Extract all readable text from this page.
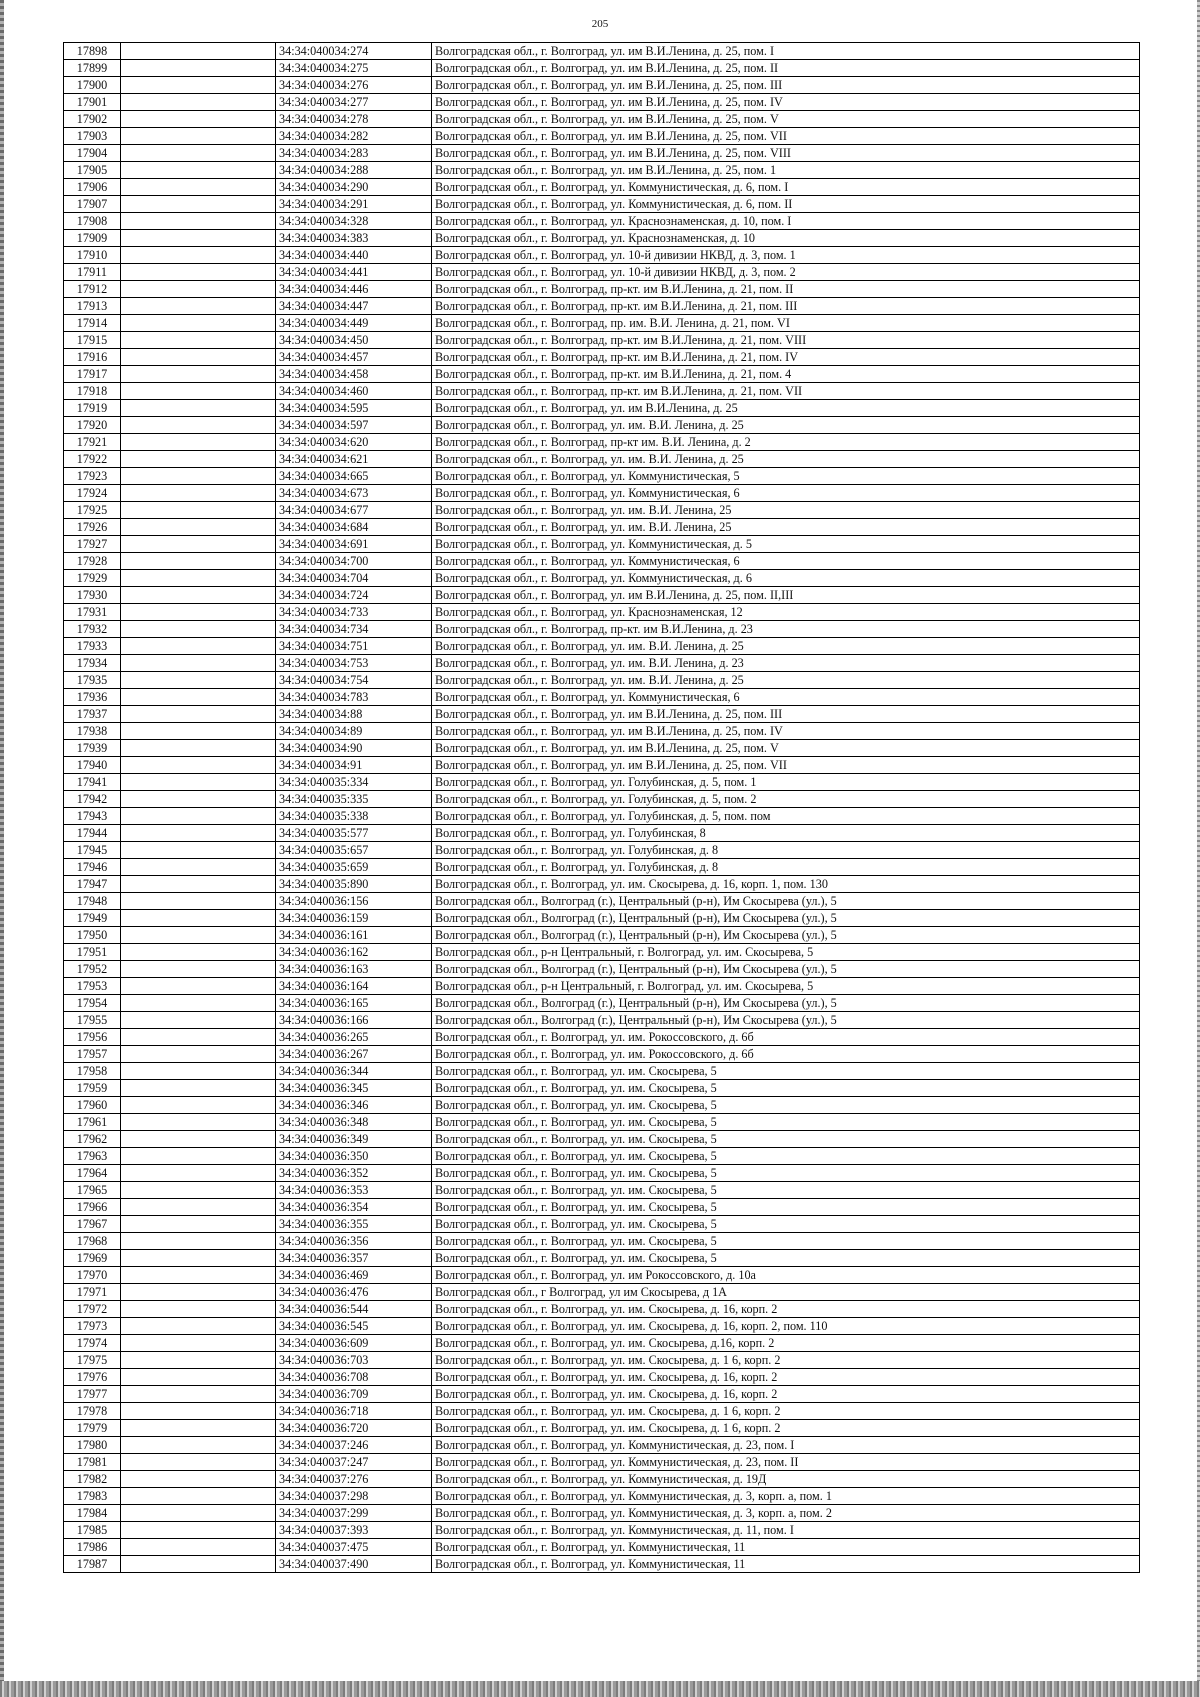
205
17898		34:34:040034:274	Волгоградская обл., г. Волгоград, ул. им В.И.Ленина, д. 25, пом. I
17899		34:34:040034:275	Волгоградская обл., г. Волгоград, ул. им В.И.Ленина, д. 25, пом. II
17900		34:34:040034:276	Волгоградская обл., г. Волгоград, ул. им В.И.Ленина, д. 25, пом. III
17901		34:34:040034:277	Волгоградская обл., г. Волгоград, ул. им В.И.Ленина, д. 25, пом. IV
17902		34:34:040034:278	Волгоградская обл., г. Волгоград, ул. им В.И.Ленина, д. 25, пом. V
17903		34:34:040034:282	Волгоградская обл., г. Волгоград, ул. им В.И.Ленина, д. 25, пом. VII
17904		34:34:040034:283	Волгоградская обл., г. Волгоград, ул. им В.И.Ленина, д. 25, пом. VIII
17905		34:34:040034:288	Волгоградская обл., г. Волгоград, ул. им В.И.Ленина, д. 25, пом. 1
17906		34:34:040034:290	Волгоградская обл., г. Волгоград, ул. Коммунистическая, д. 6, пом. I
17907		34:34:040034:291	Волгоградская обл., г. Волгоград, ул. Коммунистическая, д. 6, пом. II
17908		34:34:040034:328	Волгоградская обл., г. Волгоград, ул. Краснознаменская, д. 10, пом. I
17909		34:34:040034:383	Волгоградская обл., г. Волгоград, ул. Краснознаменская, д. 10
17910		34:34:040034:440	Волгоградская обл., г. Волгоград, ул. 10-й дивизии НКВД, д. 3, пом. 1
17911		34:34:040034:441	Волгоградская обл., г. Волгоград, ул. 10-й дивизии НКВД, д. 3, пом. 2
17912		34:34:040034:446	Волгоградская обл., г. Волгоград, пр-кт. им В.И.Ленина, д. 21, пом. II
17913		34:34:040034:447	Волгоградская обл., г. Волгоград, пр-кт. им В.И.Ленина, д. 21, пом. III
17914		34:34:040034:449	Волгоградская обл., г. Волгоград, пр. им. В.И. Ленина, д. 21, пом. VI
17915		34:34:040034:450	Волгоградская обл., г. Волгоград, пр-кт. им В.И.Ленина, д. 21, пом. VIII
17916		34:34:040034:457	Волгоградская обл., г. Волгоград, пр-кт. им В.И.Ленина, д. 21, пом. IV
17917		34:34:040034:458	Волгоградская обл., г. Волгоград, пр-кт. им В.И.Ленина, д. 21, пом. 4
17918		34:34:040034:460	Волгоградская обл., г. Волгоград, пр-кт. им В.И.Ленина, д. 21, пом. VII
17919		34:34:040034:595	Волгоградская обл., г. Волгоград, ул. им В.И.Ленина, д. 25
17920		34:34:040034:597	Волгоградская обл., г. Волгоград, ул. им. В.И. Ленина, д. 25
17921		34:34:040034:620	Волгоградская обл., г. Волгоград, пр-кт им. В.И. Ленина, д. 2
17922		34:34:040034:621	Волгоградская обл., г. Волгоград, ул. им. В.И. Ленина, д. 25
17923		34:34:040034:665	Волгоградская обл., г. Волгоград, ул. Коммунистическая, 5
17924		34:34:040034:673	Волгоградская обл., г. Волгоград, ул. Коммунистическая, 6
17925		34:34:040034:677	Волгоградская обл., г. Волгоград, ул. им. В.И. Ленина, 25
17926		34:34:040034:684	Волгоградская обл., г. Волгоград, ул. им. В.И. Ленина, 25
17927		34:34:040034:691	Волгоградская обл., г. Волгоград, ул. Коммунистическая, д. 5
17928		34:34:040034:700	Волгоградская обл., г. Волгоград, ул. Коммунистическая, 6
17929		34:34:040034:704	Волгоградская обл., г. Волгоград, ул. Коммунистическая, д. 6
17930		34:34:040034:724	Волгоградская обл., г. Волгоград, ул. им В.И.Ленина, д. 25, пом. II,III
17931		34:34:040034:733	Волгоградская обл., г. Волгоград, ул. Краснознаменская, 12
17932		34:34:040034:734	Волгоградская обл., г. Волгоград, пр-кт. им В.И.Ленина, д. 23
17933		34:34:040034:751	Волгоградская обл., г. Волгоград, ул. им. В.И. Ленина, д. 25
17934		34:34:040034:753	Волгоградская обл., г. Волгоград, ул. им. В.И. Ленина, д. 23
17935		34:34:040034:754	Волгоградская обл., г. Волгоград, ул. им. В.И. Ленина, д. 25
17936		34:34:040034:783	Волгоградская обл., г. Волгоград, ул. Коммунистическая, 6
17937		34:34:040034:88	Волгоградская обл., г. Волгоград, ул. им В.И.Ленина, д. 25, пом. III
17938		34:34:040034:89	Волгоградская обл., г. Волгоград, ул. им В.И.Ленина, д. 25, пом. IV
17939		34:34:040034:90	Волгоградская обл., г. Волгоград, ул. им В.И.Ленина, д. 25, пом. V
17940		34:34:040034:91	Волгоградская обл., г. Волгоград, ул. им В.И.Ленина, д. 25, пом. VII
17941		34:34:040035:334	Волгоградская обл., г. Волгоград, ул. Голубинская, д. 5, пом. 1
17942		34:34:040035:335	Волгоградская обл., г. Волгоград, ул. Голубинская, д. 5, пом. 2
17943		34:34:040035:338	Волгоградская обл., г. Волгоград, ул. Голубинская, д. 5, пом. пом
17944		34:34:040035:577	Волгоградская обл., г. Волгоград, ул. Голубинская, 8
17945		34:34:040035:657	Волгоградская обл., г. Волгоград, ул. Голубинская, д. 8
17946		34:34:040035:659	Волгоградская обл., г. Волгоград, ул. Голубинская, д. 8
17947		34:34:040035:890	Волгоградская обл., г. Волгоград, ул. им. Скосырева, д. 16, корп. 1, пом. 130
17948		34:34:040036:156	Волгоградская обл., Волгоград (г.), Центральный (р-н), Им Скосырева (ул.), 5
17949		34:34:040036:159	Волгоградская обл., Волгоград (г.), Центральный (р-н), Им Скосырева (ул.), 5
17950		34:34:040036:161	Волгоградская обл., Волгоград (г.), Центральный (р-н), Им Скосырева (ул.), 5
17951		34:34:040036:162	Волгоградская обл., р-н Центральный, г. Волгоград, ул. им. Скосырева, 5
17952		34:34:040036:163	Волгоградская обл., Волгоград (г.), Центральный (р-н), Им Скосырева (ул.), 5
17953		34:34:040036:164	Волгоградская обл., р-н Центральный, г. Волгоград, ул. им. Скосырева, 5
17954		34:34:040036:165	Волгоградская обл., Волгоград (г.), Центральный (р-н), Им Скосырева (ул.), 5
17955		34:34:040036:166	Волгоградская обл., Волгоград (г.), Центральный (р-н), Им Скосырева (ул.), 5
17956		34:34:040036:265	Волгоградская обл., г. Волгоград, ул. им. Рокоссовского, д. 6б
17957		34:34:040036:267	Волгоградская обл., г. Волгоград, ул. им. Рокоссовского, д. 6б
17958		34:34:040036:344	Волгоградская обл., г. Волгоград, ул. им. Скосырева, 5
17959		34:34:040036:345	Волгоградская обл., г. Волгоград, ул. им. Скосырева, 5
17960		34:34:040036:346	Волгоградская обл., г. Волгоград, ул. им. Скосырева, 5
17961		34:34:040036:348	Волгоградская обл., г. Волгоград, ул. им. Скосырева, 5
17962		34:34:040036:349	Волгоградская обл., г. Волгоград, ул. им. Скосырева, 5
17963		34:34:040036:350	Волгоградская обл., г. Волгоград, ул. им. Скосырева, 5
17964		34:34:040036:352	Волгоградская обл., г. Волгоград, ул. им. Скосырева, 5
17965		34:34:040036:353	Волгоградская обл., г. Волгоград, ул. им. Скосырева, 5
17966		34:34:040036:354	Волгоградская обл., г. Волгоград, ул. им. Скосырева, 5
17967		34:34:040036:355	Волгоградская обл., г. Волгоград, ул. им. Скосырева, 5
17968		34:34:040036:356	Волгоградская обл., г. Волгоград, ул. им. Скосырева, 5
17969		34:34:040036:357	Волгоградская обл., г. Волгоград, ул. им. Скосырева, 5
17970		34:34:040036:469	Волгоградская обл., г. Волгоград, ул. им Рокоссовского, д. 10а
17971		34:34:040036:476	Волгоградская обл., г Волгоград, ул им Скосырева, д 1А
17972		34:34:040036:544	Волгоградская обл., г. Волгоград, ул. им. Скосырева, д. 16, корп. 2
17973		34:34:040036:545	Волгоградская обл., г. Волгоград, ул. им. Скосырева, д. 16, корп. 2, пом. 110
17974		34:34:040036:609	Волгоградская обл., г. Волгоград, ул. им. Скосырева, д.16, корп. 2
17975		34:34:040036:703	Волгоградская обл., г. Волгоград, ул. им. Скосырева, д. 1 6, корп. 2
17976		34:34:040036:708	Волгоградская обл., г. Волгоград, ул. им. Скосырева, д. 16, корп. 2
17977		34:34:040036:709	Волгоградская обл., г. Волгоград, ул. им. Скосырева, д. 16, корп. 2
17978		34:34:040036:718	Волгоградская обл., г. Волгоград, ул. им. Скосырева, д. 1 6, корп. 2
17979		34:34:040036:720	Волгоградская обл., г. Волгоград, ул. им. Скосырева, д. 1 6, корп. 2
17980		34:34:040037:246	Волгоградская обл., г. Волгоград, ул. Коммунистическая, д. 23, пом. I
17981		34:34:040037:247	Волгоградская обл., г. Волгоград, ул. Коммунистическая, д. 23, пом. II
17982		34:34:040037:276	Волгоградская обл., г. Волгоград, ул. Коммунистическая, д. 19Д
17983		34:34:040037:298	Волгоградская обл., г. Волгоград, ул. Коммунистическая, д. 3, корп. а, пом. 1
17984		34:34:040037:299	Волгоградская обл., г. Волгоград, ул. Коммунистическая, д. 3, корп. а, пом. 2
17985		34:34:040037:393	Волгоградская обл., г. Волгоград, ул. Коммунистическая, д. 11, пом. I
17986		34:34:040037:475	Волгоградская обл., г. Волгоград, ул. Коммунистическая, 11
17987		34:34:040037:490	Волгоградская обл., г. Волгоград, ул. Коммунистическая, 11
